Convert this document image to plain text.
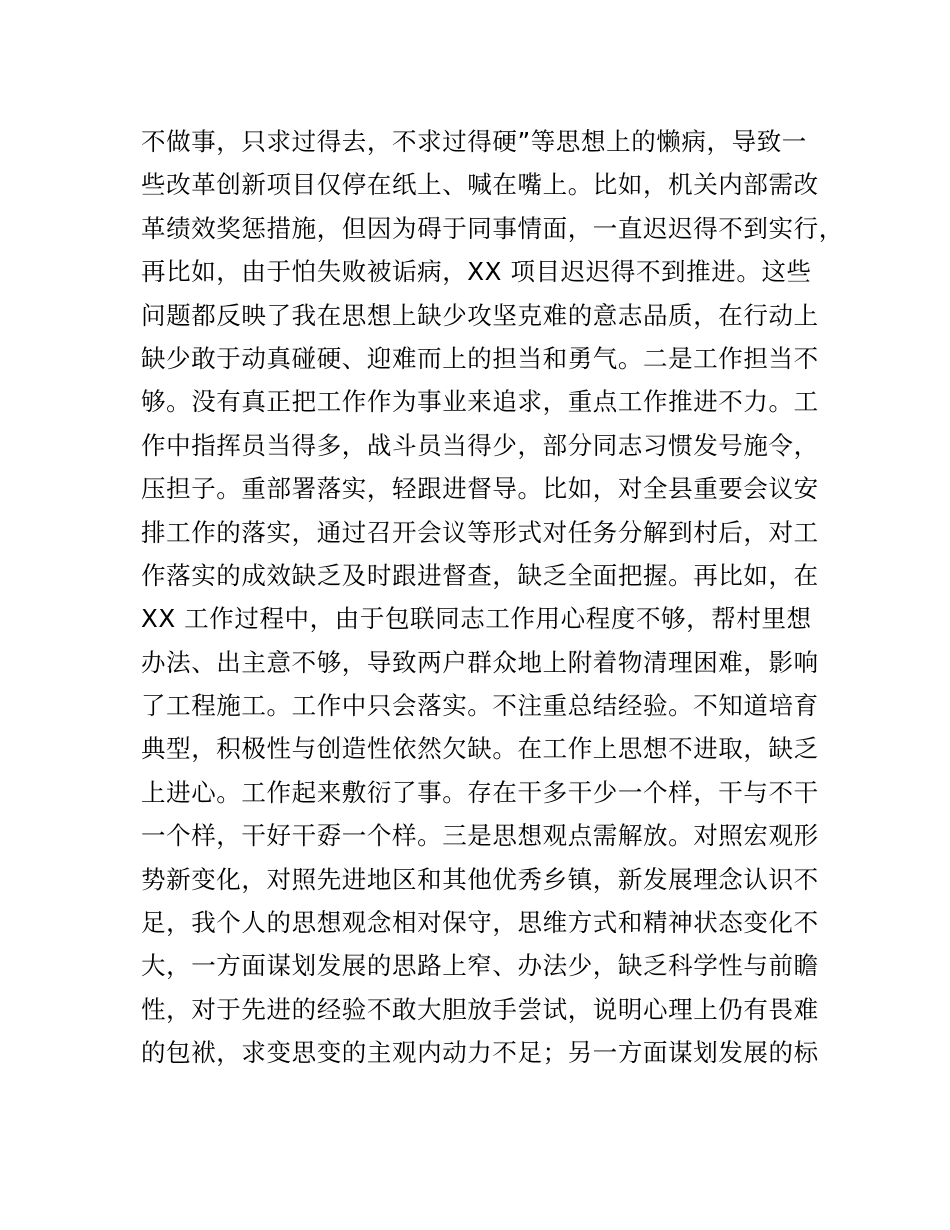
不做事，只求过得去，不求过得硬”等思想上的懒病，导致一
些改革创新项目仅停在纸上、喊在嘴上。比如，机关内部需改
革绩效奖惩措施，但因为碍于同事情面，一直迟迟得不到实行，
再比如，由于怕失败被诟病，XX 项目迟迟得不到推进。这些
问题都反映了我在思想上缺少攻坚克难的意志品质，在行动上
缺少敢于动真碰硬、迎难而上的担当和勇气。二是工作担当不
够。没有真正把工作作为事业来追求，重点工作推进不力。工
作中指挥员当得多，战斗员当得少，部分同志习惯发号施令，
压担子。重部署落实，轻跟进督导。比如，对全县重要会议安
排工作的落实，通过召开会议等形式对任务分解到村后，对工
作落实的成效缺乏及时跟进督查，缺乏全面把握。再比如，在
XX 工作过程中，由于包联同志工作用心程度不够，帮村里想
办法、出主意不够，导致两户群众地上附着物清理困难，影响
了工程施工。工作中只会落实。不注重总结经验。不知道培育
典型，积极性与创造性依然欠缺。在工作上思想不进取，缺乏
上进心。工作起来敷衍了事。存在干多干少一个样，干与不干
一个样，干好干孬一个样。三是思想观点需解放。对照宏观形
势新变化，对照先进地区和其他优秀乡镇，新发展理念认识不
足，我个人的思想观念相对保守，思维方式和精神状态变化不
大，一方面谋划发展的思路上窄、办法少，缺乏科学性与前瞻
性，对于先进的经验不敢大胆放手尝试，说明心理上仍有畏难
的包袱，求变思变的主观内动力不足；另一方面谋划发展的标
